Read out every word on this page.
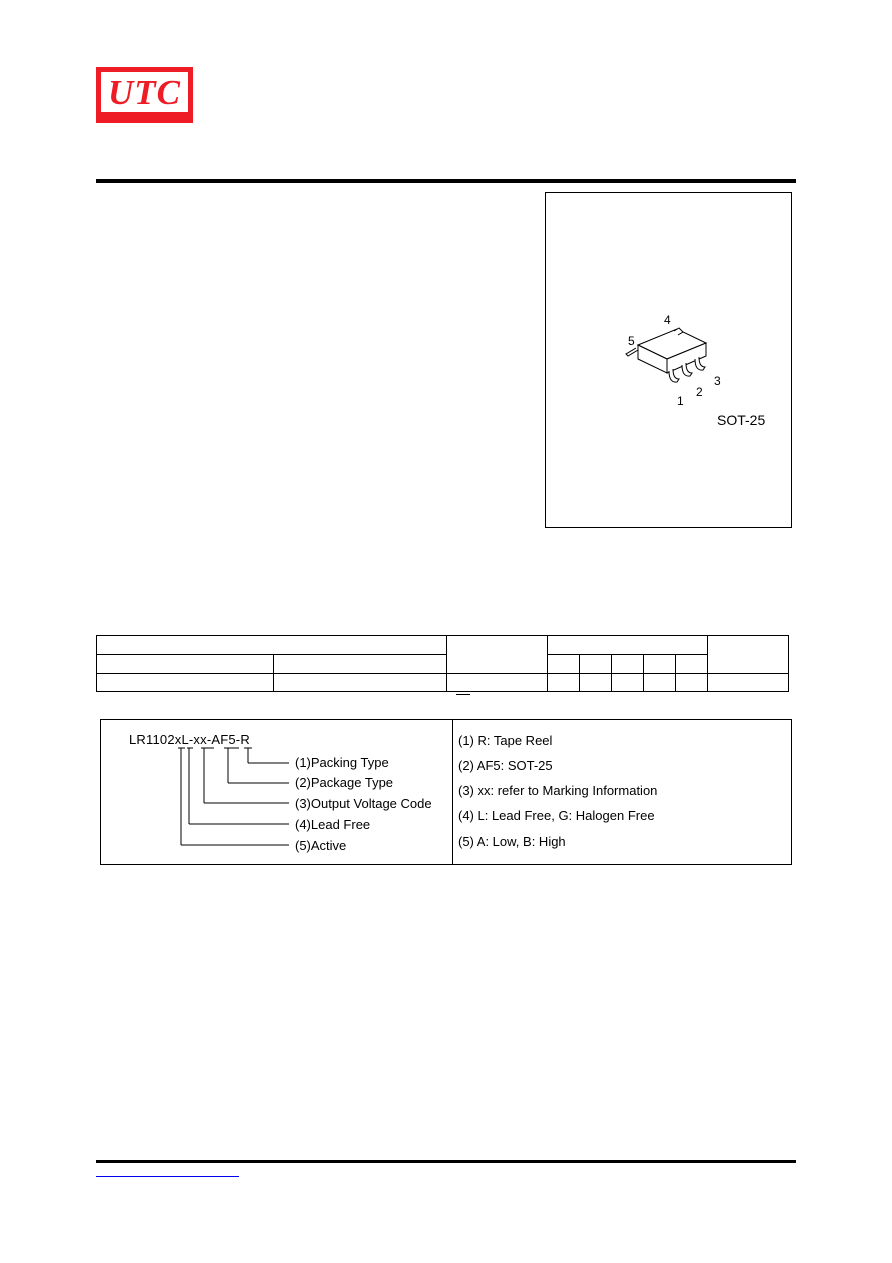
UTC
4
5
1
2
3
SOT-25

LR1102xL-xx-AF5-R
(1)Packing Type
(2)Package Type
(3)Output Voltage Code
(4)Lead Free
(5)Active
(1) R: Tape Reel
(2) AF5: SOT-25
(3) xx: refer to Marking Information
(4) L: Lead Free, G: Halogen Free
(5) A: Low, B: High
